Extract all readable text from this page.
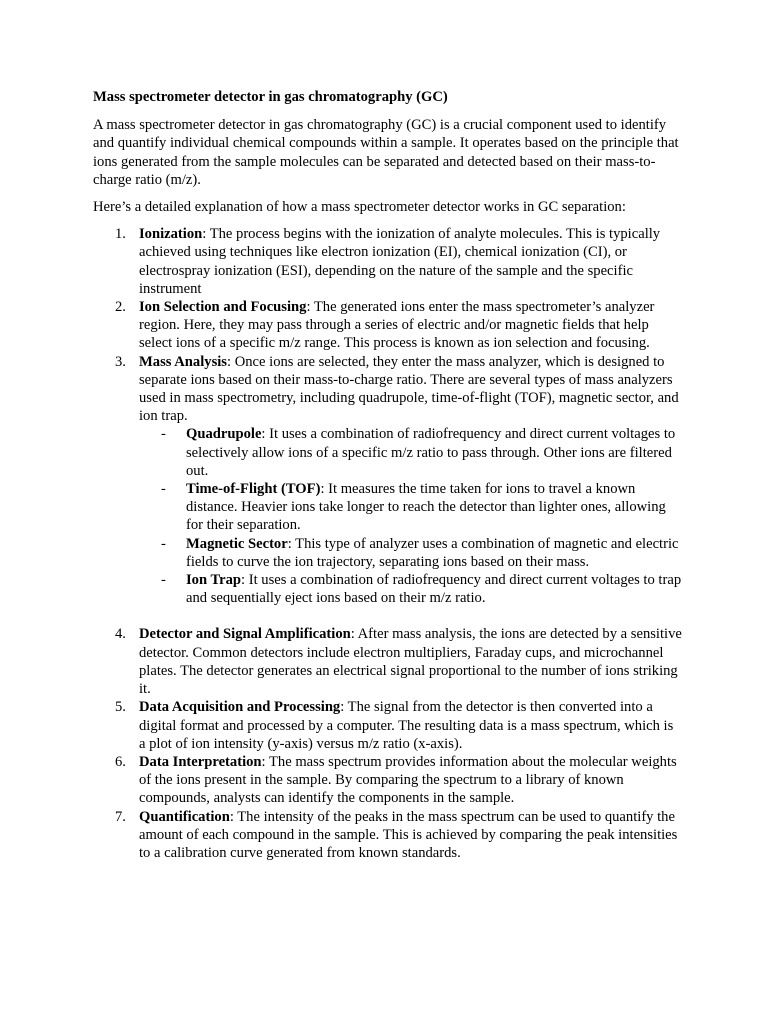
Mass spectrometer detector in gas chromatography (GC)

A mass spectrometer detector in gas chromatography (GC) is a crucial component used to identify and quantify individual chemical compounds within a sample. It operates based on the principle that ions generated from the sample molecules can be separated and detected based on their mass-to-charge ratio (m/z).

Here’s a detailed explanation of how a mass spectrometer detector works in GC separation:

1. Ionization: The process begins with the ionization of analyte molecules. This is typically achieved using techniques like electron ionization (EI), chemical ionization (CI), or electrospray ionization (ESI), depending on the nature of the sample and the specific instrument
2. Ion Selection and Focusing: The generated ions enter the mass spectrometer’s analyzer region. Here, they may pass through a series of electric and/or magnetic fields that help select ions of a specific m/z range. This process is known as ion selection and focusing.
3. Mass Analysis: Once ions are selected, they enter the mass analyzer, which is designed to separate ions based on their mass-to-charge ratio. There are several types of mass analyzers used in mass spectrometry, including quadrupole, time-of-flight (TOF), magnetic sector, and ion trap.
- Quadrupole: It uses a combination of radiofrequency and direct current voltages to selectively allow ions of a specific m/z ratio to pass through. Other ions are filtered out.
- Time-of-Flight (TOF): It measures the time taken for ions to travel a known distance. Heavier ions take longer to reach the detector than lighter ones, allowing for their separation.
- Magnetic Sector: This type of analyzer uses a combination of magnetic and electric fields to curve the ion trajectory, separating ions based on their mass.
- Ion Trap: It uses a combination of radiofrequency and direct current voltages to trap and sequentially eject ions based on their m/z ratio.
4. Detector and Signal Amplification: After mass analysis, the ions are detected by a sensitive detector. Common detectors include electron multipliers, Faraday cups, and microchannel plates. The detector generates an electrical signal proportional to the number of ions striking it.
5. Data Acquisition and Processing: The signal from the detector is then converted into a digital format and processed by a computer. The resulting data is a mass spectrum, which is a plot of ion intensity (y-axis) versus m/z ratio (x-axis).
6. Data Interpretation: The mass spectrum provides information about the molecular weights of the ions present in the sample. By comparing the spectrum to a library of known compounds, analysts can identify the components in the sample.
7. Quantification: The intensity of the peaks in the mass spectrum can be used to quantify the amount of each compound in the sample. This is achieved by comparing the peak intensities to a calibration curve generated from known standards.
